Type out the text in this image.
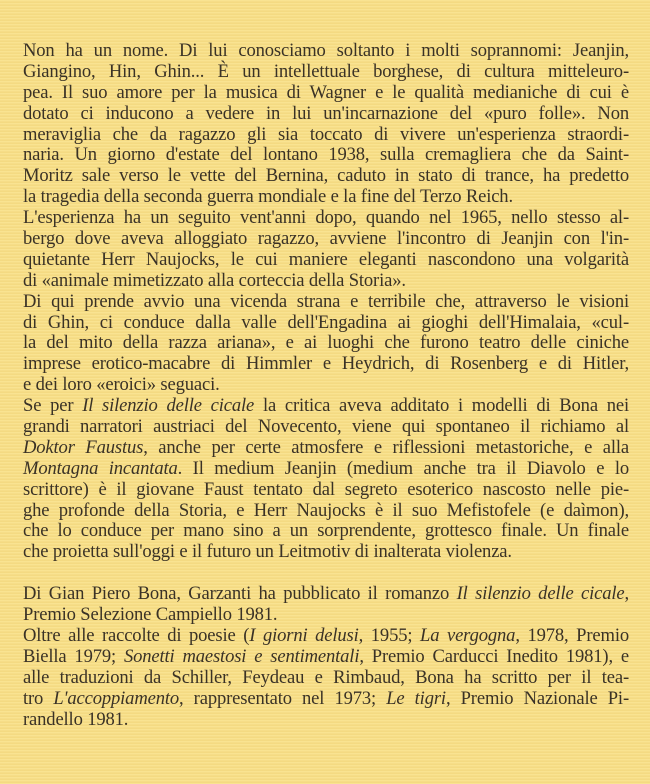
Non ha un nome. Di lui conosciamo soltanto i molti soprannomi: Jeanjin,
Giangino, Hin, Ghin... È un intellettuale borghese, di cultura mitteleuro-
pea. Il suo amore per la musica di Wagner e le qualità medianiche di cui è
dotato ci inducono a vedere in lui un'incarnazione del «puro folle». Non
meraviglia che da ragazzo gli sia toccato di vivere un'esperienza straordi-
naria. Un giorno d'estate del lontano 1938, sulla cremagliera che da Saint-
Moritz sale verso le vette del Bernina, caduto in stato di trance, ha predetto
la tragedia della seconda guerra mondiale e la fine del Terzo Reich.
L'esperienza ha un seguito vent'anni dopo, quando nel 1965, nello stesso al-
bergo dove aveva alloggiato ragazzo, avviene l'incontro di Jeanjin con l'in-
quietante Herr Naujocks, le cui maniere eleganti nascondono una volgarità
di «animale mimetizzato alla corteccia della Storia».
Di qui prende avvio una vicenda strana e terribile che, attraverso le visioni
di Ghin, ci conduce dalla valle dell'Engadina ai gioghi dell'Himalaia, «cul-
la del mito della razza ariana», e ai luoghi che furono teatro delle ciniche
imprese erotico-macabre di Himmler e Heydrich, di Rosenberg e di Hitler,
e dei loro «eroici» seguaci.
Se per Il silenzio delle cicale la critica aveva additato i modelli di Bona nei
grandi narratori austriaci del Novecento, viene qui spontaneo il richiamo al
Doktor Faustus, anche per certe atmosfere e riflessioni metastoriche, e alla
Montagna incantata. Il medium Jeanjin (medium anche tra il Diavolo e lo
scrittore) è il giovane Faust tentato dal segreto esoterico nascosto nelle pie-
ghe profonde della Storia, e Herr Naujocks è il suo Mefistofele (e daìmon),
che lo conduce per mano sino a un sorprendente, grottesco finale. Un finale
che proietta sull'oggi e il futuro un Leitmotiv di inalterata violenza.
Di Gian Piero Bona, Garzanti ha pubblicato il romanzo Il silenzio delle cicale,
Premio Selezione Campiello 1981.
Oltre alle raccolte di poesie (I giorni delusi, 1955; La vergogna, 1978, Premio
Biella 1979; Sonetti maestosi e sentimentali, Premio Carducci Inedito 1981), e
alle traduzioni da Schiller, Feydeau e Rimbaud, Bona ha scritto per il tea-
tro L'accoppiamento, rappresentato nel 1973; Le tigri, Premio Nazionale Pi-
randello 1981.
